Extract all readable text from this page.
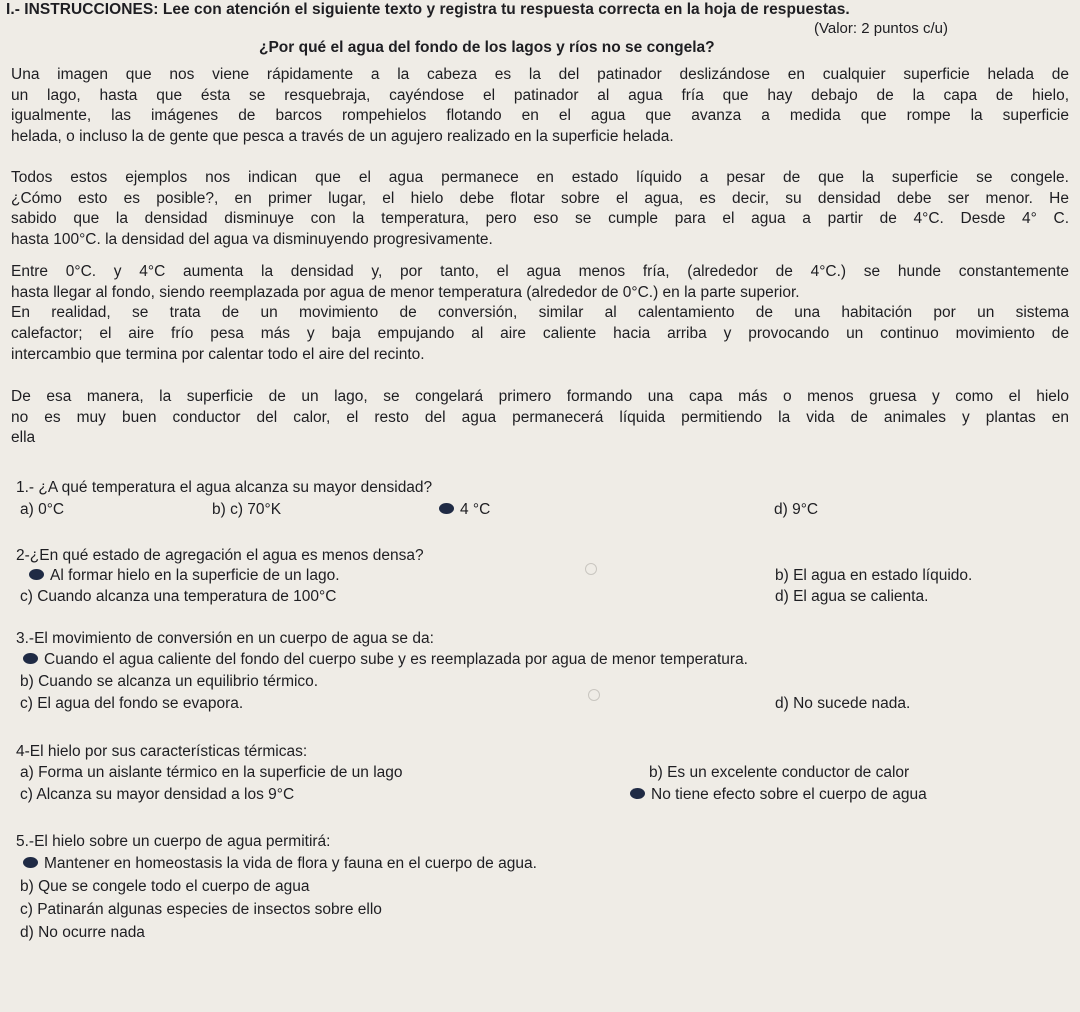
I.- INSTRUCCIONES: Lee con atención el siguiente texto y registra tu respuesta correcta en la hoja de respuestas.
(Valor: 2 puntos c/u)
¿Por qué el agua del fondo de los lagos y ríos no se congela?
Una imagen que nos viene rápidamente a la cabeza es la del patinador deslizándose en cualquier superficie helada de
un lago, hasta que ésta se resquebraja, cayéndose el patinador al agua fría que hay debajo de la capa de hielo,
igualmente, las imágenes de barcos rompehielos flotando en el agua que avanza a medida que rompe la superficie
helada, o incluso la de gente que pesca a través de un agujero realizado en la superficie helada.
Todos estos ejemplos nos indican que el agua permanece en estado líquido a pesar de que la superficie se congele.
¿Cómo esto es posible?, en primer lugar, el hielo debe flotar sobre el agua, es decir, su densidad debe ser menor. He
sabido que la densidad disminuye con la temperatura, pero eso se cumple para el agua a partir de 4°C. Desde 4° C.
hasta 100°C. la densidad del agua va disminuyendo progresivamente.
Entre 0°C. y 4°C aumenta la densidad y, por tanto, el agua menos fría, (alrededor de 4°C.) se hunde constantemente
hasta llegar al fondo, siendo reemplazada por agua de menor temperatura (alrededor de 0°C.) en la parte superior.
En realidad, se trata de un movimiento de conversión, similar al calentamiento de una habitación por un sistema
calefactor; el aire frío pesa más y baja empujando al aire caliente hacia arriba y provocando un continuo movimiento de
intercambio que termina por calentar todo el aire del recinto.
De esa manera, la superficie de un lago, se congelará primero formando una capa más o menos gruesa y como el hielo
no es muy buen conductor del calor, el resto del agua permanecerá líquida permitiendo la vida de animales y plantas en
ella
1.- ¿A qué temperatura el agua alcanza su mayor densidad?
a) 0°C	b) c) 70°K	4 °C	d) 9°C
2-¿En qué estado de agregación el agua es menos densa?
Al formar hielo en la superficie de un lago.	b) El agua en estado líquido.
c) Cuando alcanza una temperatura de 100°C	d) El agua se calienta.
3.-El movimiento de conversión en un cuerpo de agua se da:
Cuando el agua caliente del fondo del cuerpo sube y es reemplazada por agua de menor temperatura.
b) Cuando se alcanza un equilibrio térmico.
c) El agua del fondo se evapora.	d) No sucede nada.
4-El hielo por sus características térmicas:
a) Forma un aislante térmico en la superficie de un lago	b) Es un excelente conductor de calor
c) Alcanza su mayor densidad a los 9°C	No tiene efecto sobre el cuerpo de agua
5.-El hielo sobre un cuerpo de agua permitirá:
Mantener en homeostasis la vida de flora y fauna en el cuerpo de agua.
b) Que se congele todo el cuerpo de agua
c) Patinarán algunas especies de insectos sobre ello
d) No ocurre nada
